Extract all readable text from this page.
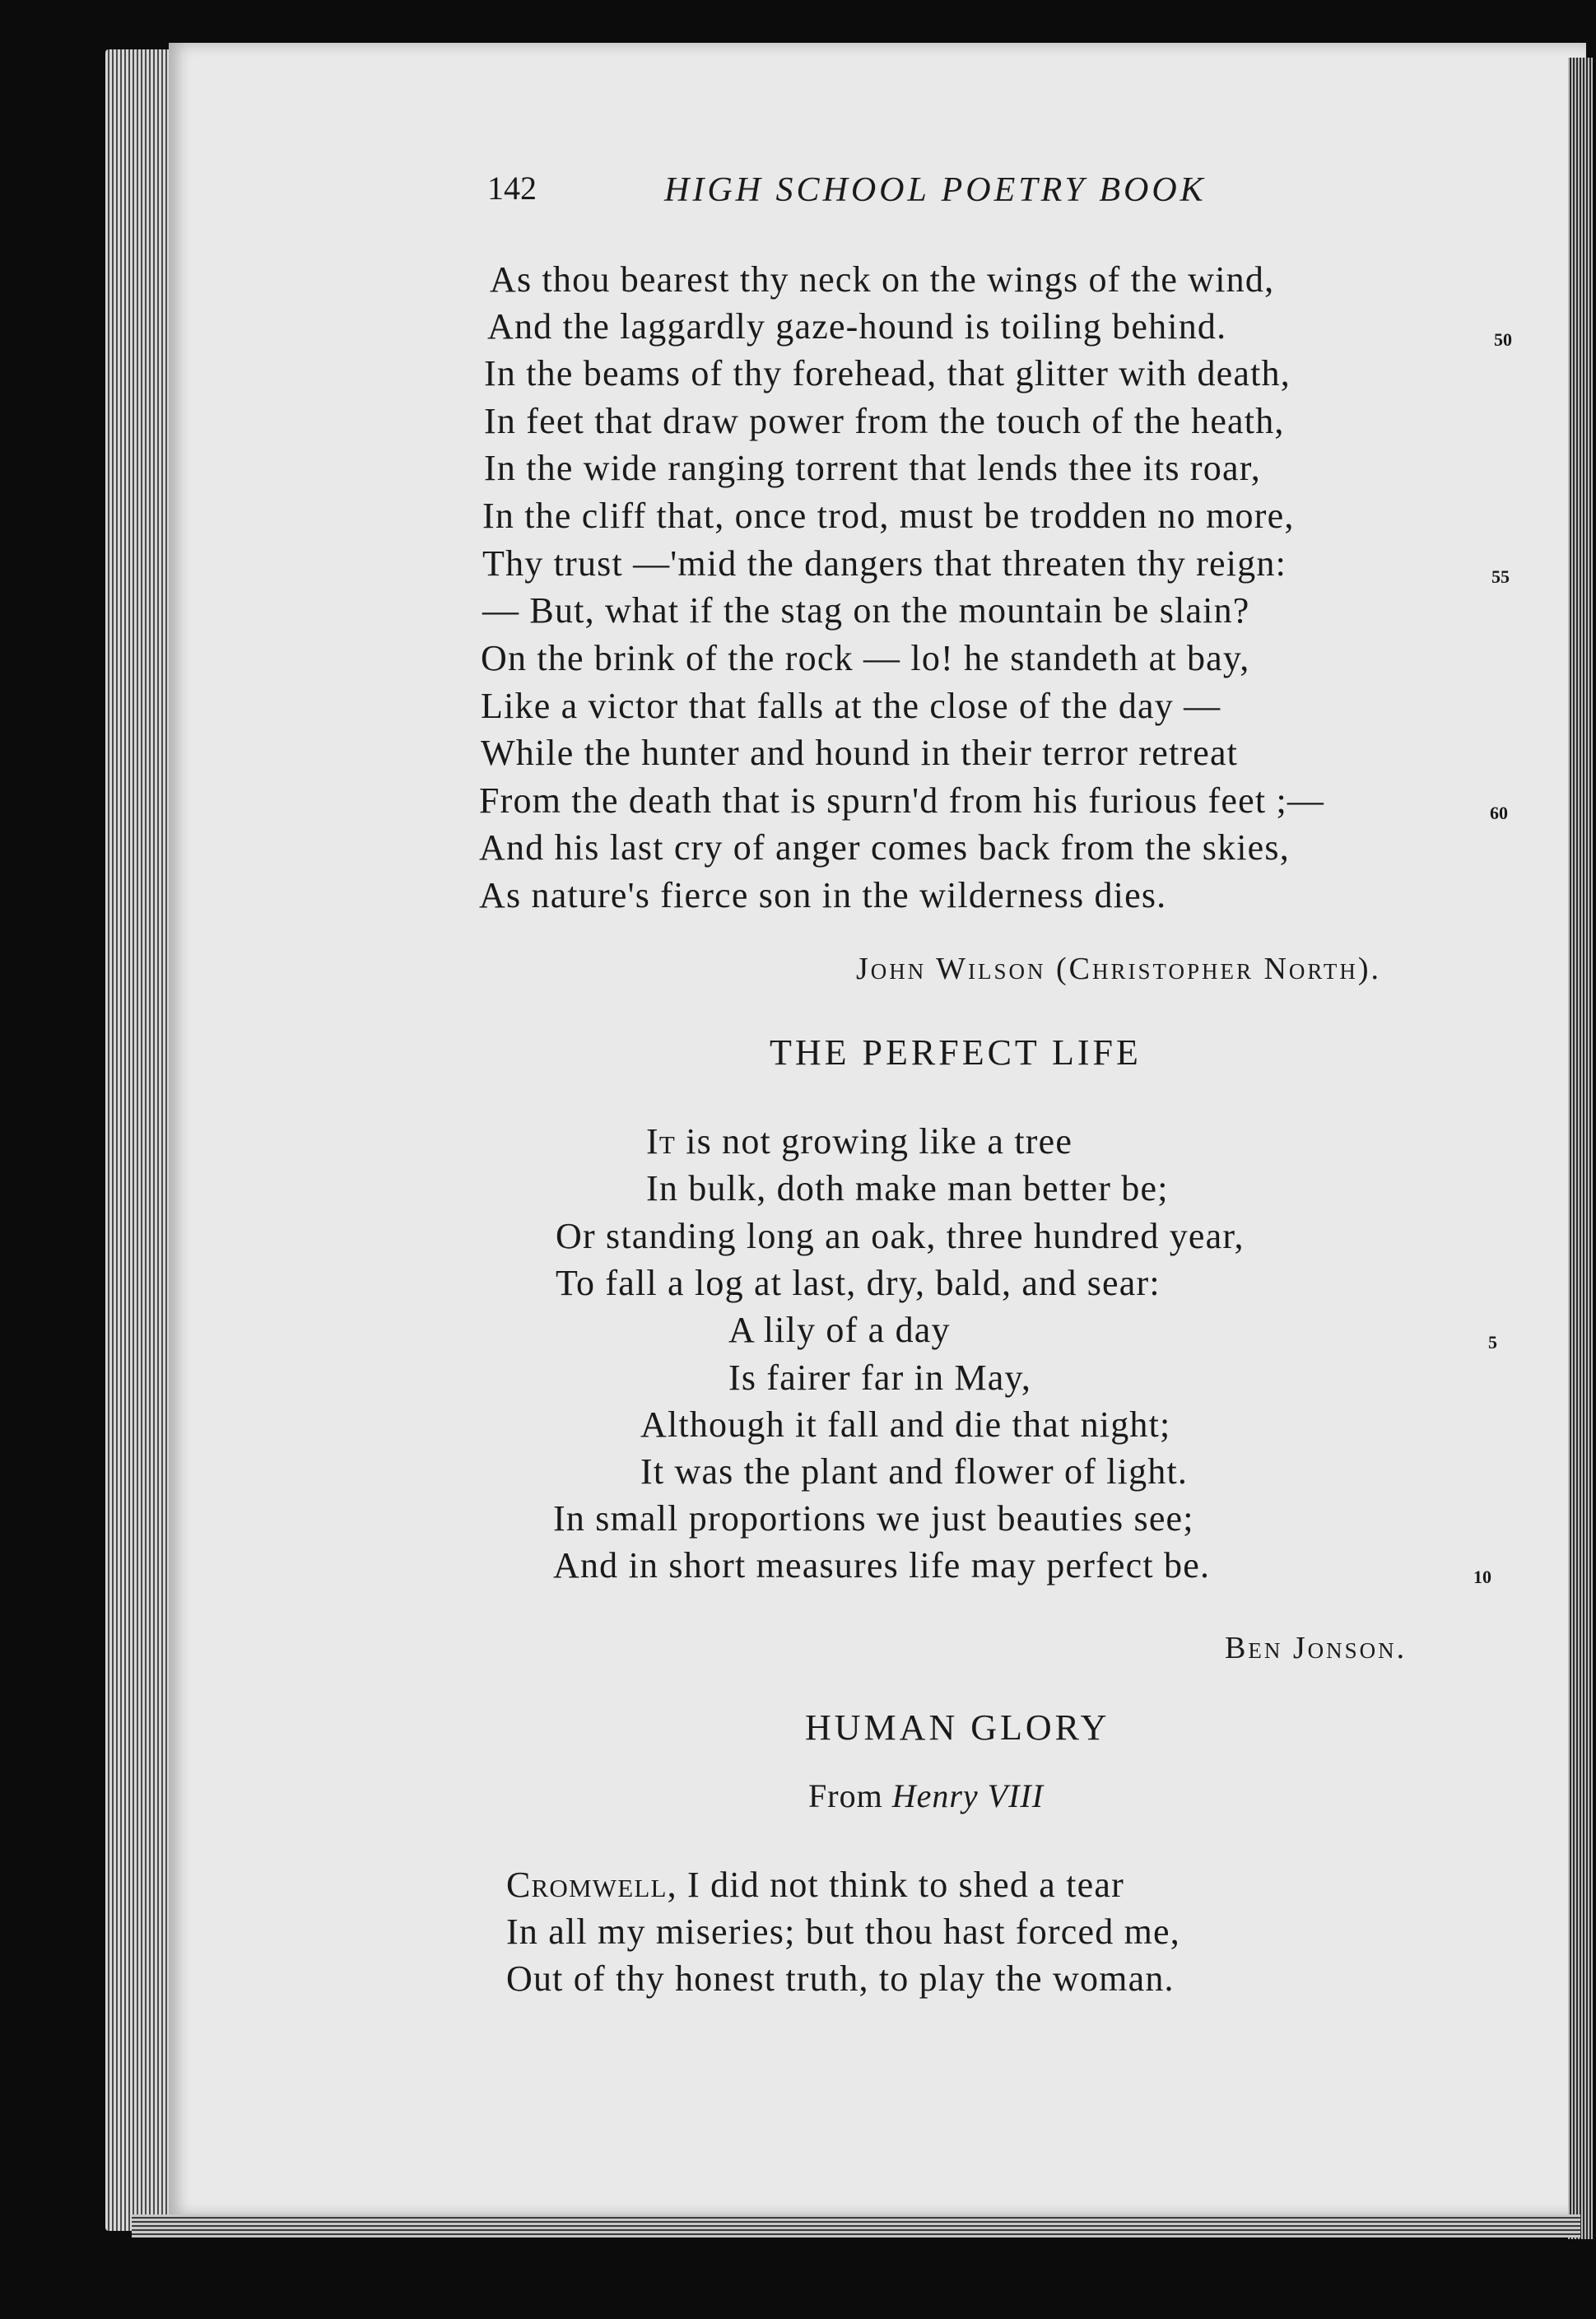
142	HIGH SCHOOL POETRY BOOK
As thou bearest thy neck on the wings of the wind,
And the laggardly gaze-hound is toiling behind.
In the beams of thy forehead, that glitter with death,
In feet that draw power from the touch of the heath,
In the wide ranging torrent that lends thee its roar,
In the cliff that, once trod, must be trodden no more,
Thy trust —'mid the dangers that threaten thy reign:
— But, what if the stag on the mountain be slain?
On the brink of the rock — lo! he standeth at bay,
Like a victor that falls at the close of the day —
While the hunter and hound in their terror retreat
From the death that is spurn'd from his furious feet ;—
And his last cry of anger comes back from the skies,
As nature's fierce son in the wilderness dies.
50
55
60
John Wilson (Christopher North).
THE PERFECT LIFE
It is not growing like a tree
In bulk, doth make man better be;
Or standing long an oak, three hundred year,
To fall a log at last, dry, bald, and sear:
A lily of a day
Is fairer far in May,
Although it fall and die that night;
It was the plant and flower of light.
In small proportions we just beauties see;
And in short measures life may perfect be.
5
10
Ben Jonson.
HUMAN GLORY
From Henry VIII
Cromwell, I did not think to shed a tear
In all my miseries; but thou hast forced me,
Out of thy honest truth, to play the woman.
